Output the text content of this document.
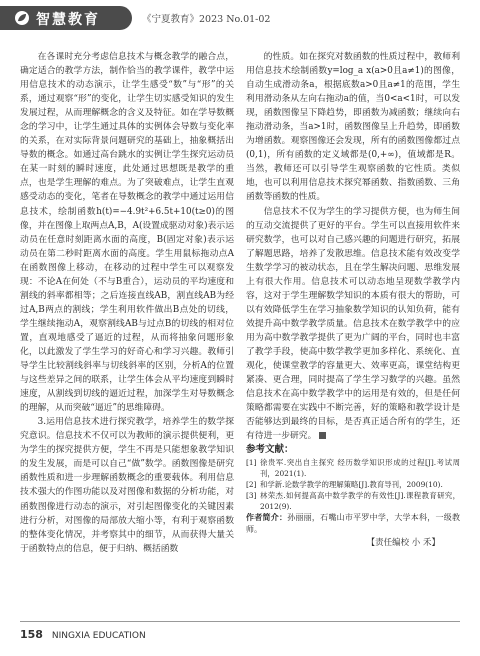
智慧教育	《宁夏教育》2023 No.01-02

在各课时充分考虑信息技术与概念教学的融合点，确定适合的教学方法，制作恰当的教学课件，教学中运用信息技术的动态演示，让学生感受“数”与“形”的关系，通过观察“形”的变化，让学生切实感受知识的发生发展过程，从而理解概念的含义及特征。如在学导数概念的学习中，让学生通过具体的实例体会导数与变化率的关系，在对实际背景问题研究的基础上，抽象概括出导数的概念。如通过高台跳水的实例让学生探究运动员在某一时刻的瞬时速度，此处通过思想既是教学的重点，也是学生理解的难点。为了突破难点，让学生直观感受动态的变化，笔者在导数概念的教学中通过运用信息技术，绘制函数h(t)=−4.9t²+6.5t+10(t≥0)的图像，并在图像上取两点A,B，A(设置成驱动对象)表示运动员在任意时刻距离水面的高度，B(固定对象)表示运动员在第二秒时距离水面的高度。学生用鼠标拖动点A在函数图像上移动，在移动的过程中学生可以观察发现：不论A在何处（不与B重合），运动员的平均速度和割线的斜率都相等；之后连接直线AB，割直线AB为经过A,B两点的割线；学生利用软件做出B点处的切线，学生继续拖动A，观察割线AB与过点B的切线的相对位置，直观地感受了逼近的过程，从而将抽象问题形象化，以此激发了学生学习的好奇心和学习兴趣。教师引导学生比较割线斜率与切线斜率的区别，分析A的位置与这些差异之间的联系，让学生体会从平均速度到瞬时速度，从割线到切线的逼近过程，加深学生对导数概念的理解，从而突破“逼近”的思维障碍。

3.运用信息技术进行探究教学，培养学生的数学探究意识。信息技术不仅可以为教师的演示提供便利，更为学生的探究提供方便，学生不再是只能想象教学知识的发生发展，而是可以自己“做”数学。函数图像是研究函数性质和进一步理解函数概念的重要载体。利用信息技术强大的作图功能以及对图像和数据的分析功能，对函数图像进行动态的演示，对引起图像变化的关键因素进行分析，对图像的局部放大缩小等，有利于观察函数的整体变化情况，并考察其中的细节，从而获得大量关于函数特点的信息，便于归纳、概括函数

的性质。如在探究对数函数的性质过程中，教师利用信息技术绘制函数y=log_a x(a>0且a≠1)的图像，自动生成滑动条a，根据底数a>0且a≠1的范围，学生利用滑动条从左向右拖动a的值，当0<a<1时，可以发现，函数图像呈下降趋势，即函数为减函数；继续向右拖动滑动条，当a>1时，函数图像呈上升趋势，即函数为增函数。观察图像还会发现，所有的函数图像都过点(0,1)，所有函数的定义域都是(0,+∞)，值域都是R。当然，教师还可以引导学生观察函数的它性质。类似地，也可以利用信息技术探究幂函数、指数函数、三角函数等函数的性质。

信息技术不仅为学生的学习提供方便，也为师生间的互动交流提供了更好的平台。学生可以直接用软件来研究数学，也可以对自己感兴趣的问题进行研究，拓展了解题思路，培养了发散思维。信息技术能有效改变学生数学学习的被动状态，且在学生解决问题、思维发展上有很大作用。信息技术可以动态地呈现数学教学内容，这对于学生理解数学知识的本质有很大的帮助，可以有效降低学生在学习抽象数学知识的认知负荷，能有效提升高中数学教学质量。信息技术在数学教学中的应用为高中数学教学提供了更为广阔的平台，同时也丰富了教学手段，使高中数学教学更加多样化、系统化、直观化，使课堂教学的容量更大、效率更高，课堂结构更紧凑、更合理，同时提高了学生学习数学的兴趣。虽然信息技术在高中数学教学中的运用是有效的，但是任何策略都需要在实践中不断完善，好的策略和教学设计是否能够达到最终的目标，是否真正适合所有的学生，还有待进一步研究。

参考文献：

[1] 徐贵军.突出自主探究 经历数学知识形成的过程[J].考试周刊，2021(1).

[2] 和学新.论数学教学的理解策略[J].教育导刊，2009(10).

[3] 林荣杰.如何提高高中数学教学的有效性[J].课程教育研究，2012(9).

作者简介：孙丽丽，石嘴山市平罗中学，大学本科，一级教师。

【责任编校 小 禾】

158 NINGXIA EDUCATION
